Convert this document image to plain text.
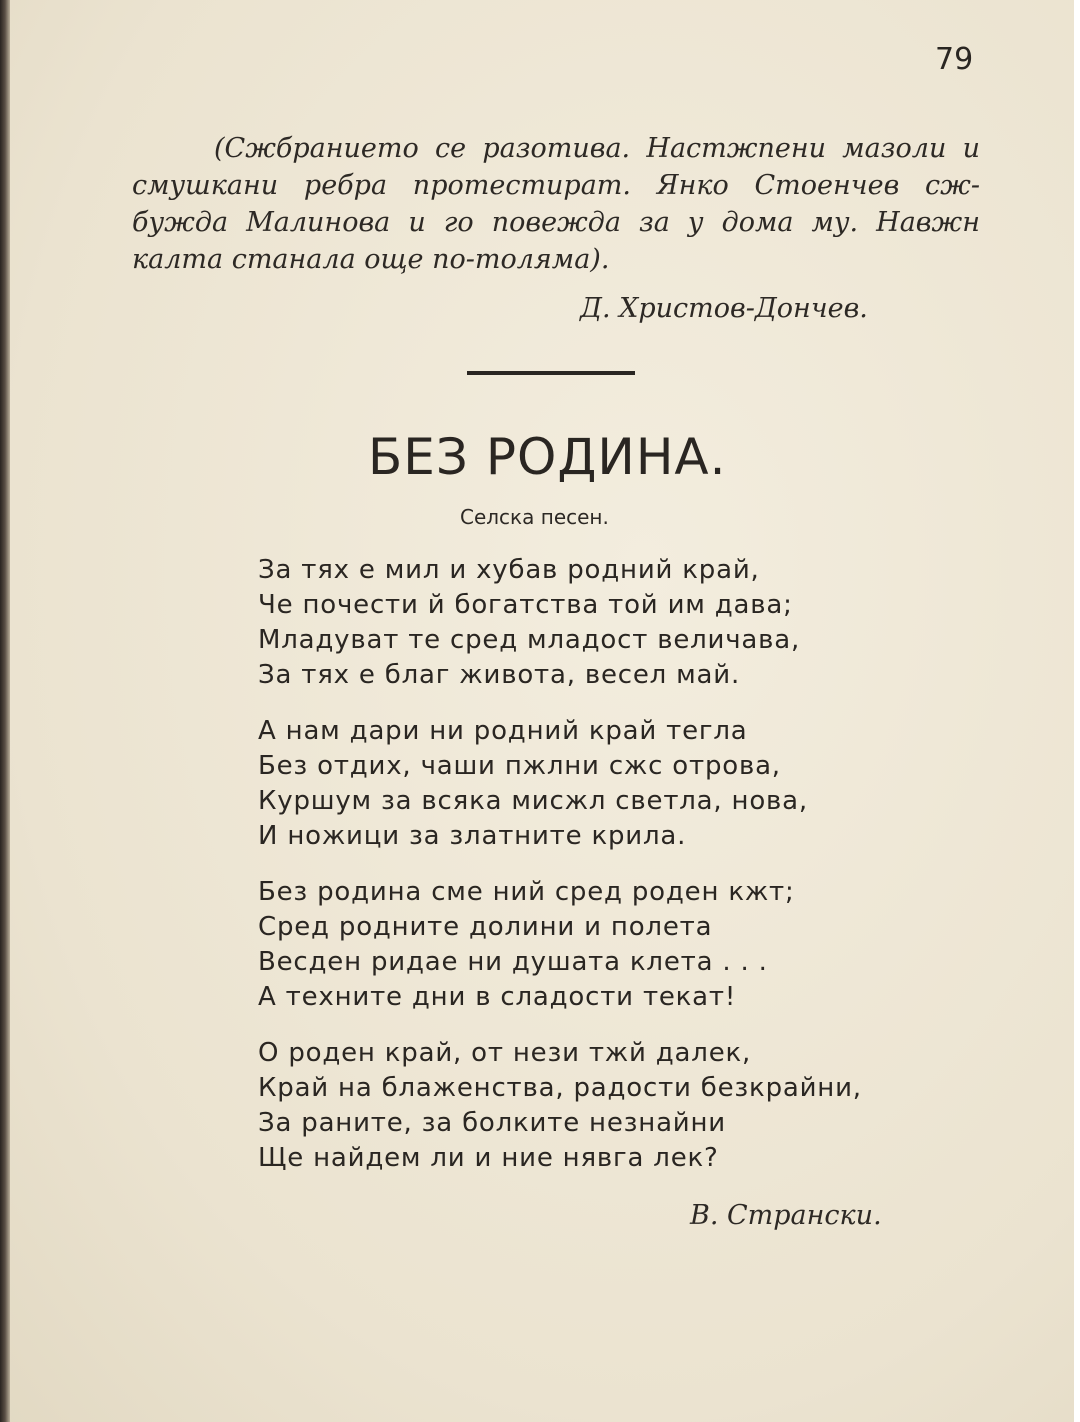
79
(Сжбранието се разотива. Настжпени мазоли и
смушкани ребра протестират. Янко Стоенчев сж-
бужда Малинова и го повежда за у дома му. Навжн
калта станала още по-толяма).
Д. Христов-Дончев.
БЕЗ РОДИНА.
Селска песен.
За тях е мил и хубав родний край,
Че почести й богатства той им дава;
Младуват те сред младост величава,
За тях е благ живота, весел май.
А нам дари ни родний край тегла
Без отдих, чаши пжлни сжс отрова,
Куршум за всяка мисжл светла, нова,
И ножици за златните крила.
Без родина сме ний сред роден кжт;
Сред родните долини и полета
Весден ридае ни душата клета . . .
А техните дни в сладости текат!
О роден край, от нези тжй далек,
Край на блаженства, радости безкрайни,
За раните, за болките незнайни
Ще найдем ли и ние нявга лек?
В. Странски.
